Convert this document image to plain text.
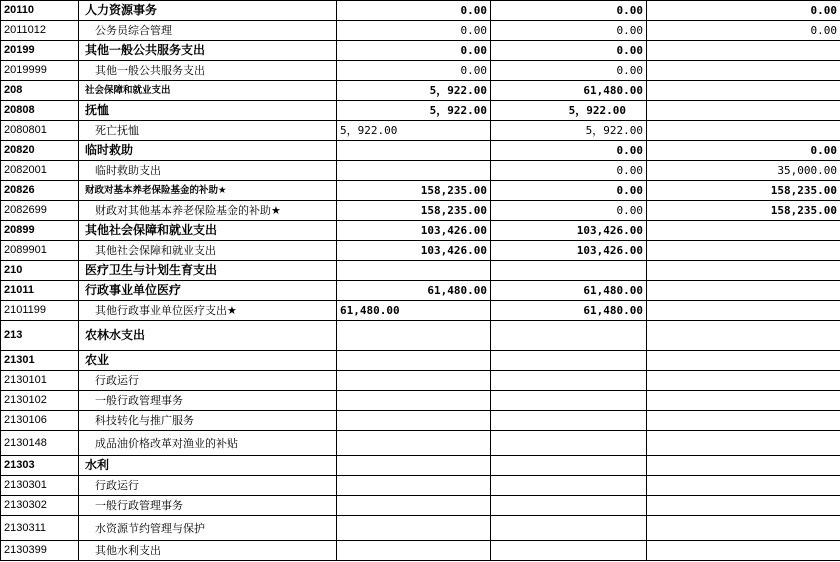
20110	人力资源事务	0.00	0.00	0.00
2011012	公务员综合管理	0.00	0.00	0.00
20199	其他一般公共服务支出	0.00	0.00	
2019999	其他一般公共服务支出	0.00	0.00	
208	社会保障和就业支出	5，922.00	61,480.00	
20808	抚恤	5，922.00	5，922.00	
2080801	死亡抚恤	5，922.00	5，922.00	
20820	临时救助		0.00	0.00
2082001	临时救助支出		0.00	35,000.00
20826	财政对基本养老保险基金的补助★	158,235.00	0.00	158,235.00
2082699	财政对其他基本养老保险基金的补助★	158,235.00	0.00	158,235.00
20899	其他社会保障和就业支出	103,426.00	103,426.00	
2089901	其他社会保障和就业支出	103,426.00	103,426.00	
210	医疗卫生与计划生育支出			
21011	行政事业单位医疗	61,480.00	61,480.00	
2101199	其他行政事业单位医疗支出★	61,480.00	61,480.00	
213	农林水支出			
21301	农业			
2130101	行政运行			
2130102	一般行政管理事务			
2130106	科技转化与推广服务			
2130148	成品油价格改革对渔业的补贴			
21303	水利			
2130301	行政运行			
2130302	一般行政管理事务			
2130311	水资源节约管理与保护			
2130399	其他水利支出			
